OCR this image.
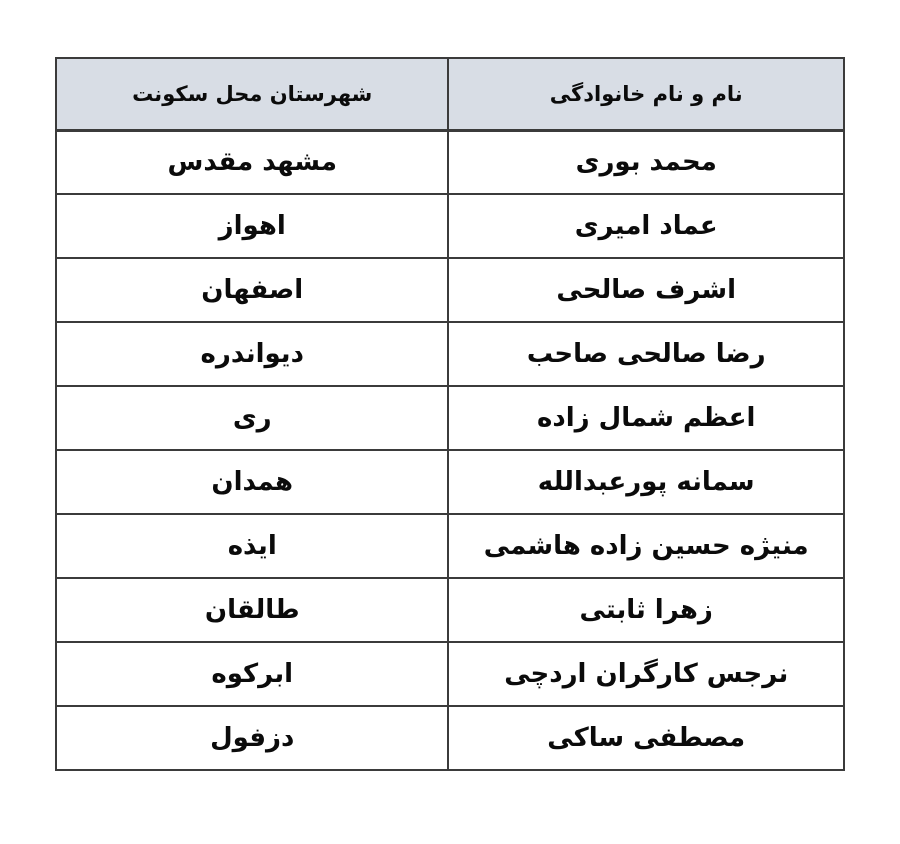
نام و نام خانوادگی	شهرستان محل سکونت
محمد بوری	مشهد مقدس
عماد امیری	اهواز
اشرف صالحی	اصفهان
رضا صالحی صاحب	دیواندره
اعظم شمال زاده	ری
سمانه پورعبدالله	همدان
منیژه حسین زاده هاشمی	ایذه
زهرا ثابتی	طالقان
نرجس کارگران اردچی	ابرکوه
مصطفی ساکی	دزفول
